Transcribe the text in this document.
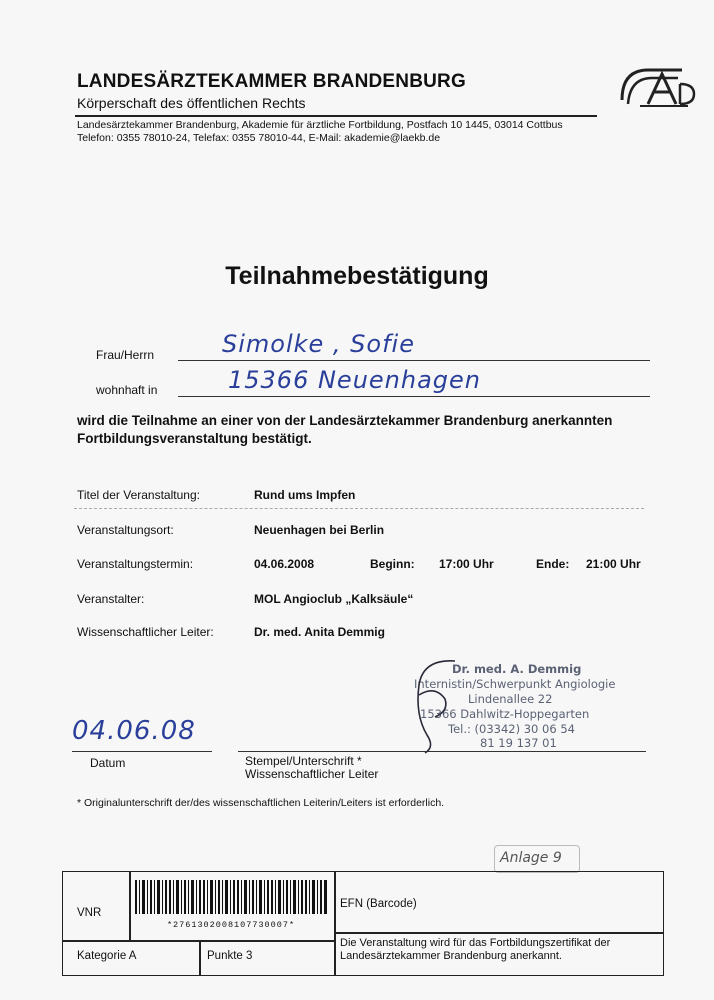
LANDESÄRZTEKAMMER BRANDENBURG
Körperschaft des öffentlichen Rechts
Landesärztekammer Brandenburg, Akademie für ärztliche Fortbildung, Postfach 10 1445, 03014 Cottbus
Telefon: 0355 78010-24, Telefax: 0355 78010-44, E-Mail: akademie@laekb.de
Teilnahmebestätigung
Frau/Herrn	Simolke , Sofie
wohnhaft in	15366 Neuenhagen
wird die Teilnahme an einer von der Landesärztekammer Brandenburg anerkannten Fortbildungsveranstaltung bestätigt.
Titel der Veranstaltung:	Rund ums Impfen
Veranstaltungsort:	Neuenhagen bei Berlin
Veranstaltungstermin:	04.06.2008	Beginn: 17:00 Uhr	Ende: 21:00 Uhr
Veranstalter:	MOL Angioclub „Kalksäule“
Wissenschaftlicher Leiter:	Dr. med. Anita Demmig
Dr. med. A. Demmig
Internistin/Schwerpunkt Angiologie
Lindenallee 22
15366 Dahlwitz-Hoppegarten
Tel.: (03342) 30 06 54
81 19 137 01
04.06.08
Datum	Stempel/Unterschrift *
Wissenschaftlicher Leiter
* Originalunterschrift der/des wissenschaftlichen Leiterin/Leiters ist erforderlich.
Anlage 9
VNR
*2761302008107730007*
EFN (Barcode)
Kategorie A	Punkte 3
Die Veranstaltung wird für das Fortbildungszertifikat der Landesärztekammer Brandenburg anerkannt.
